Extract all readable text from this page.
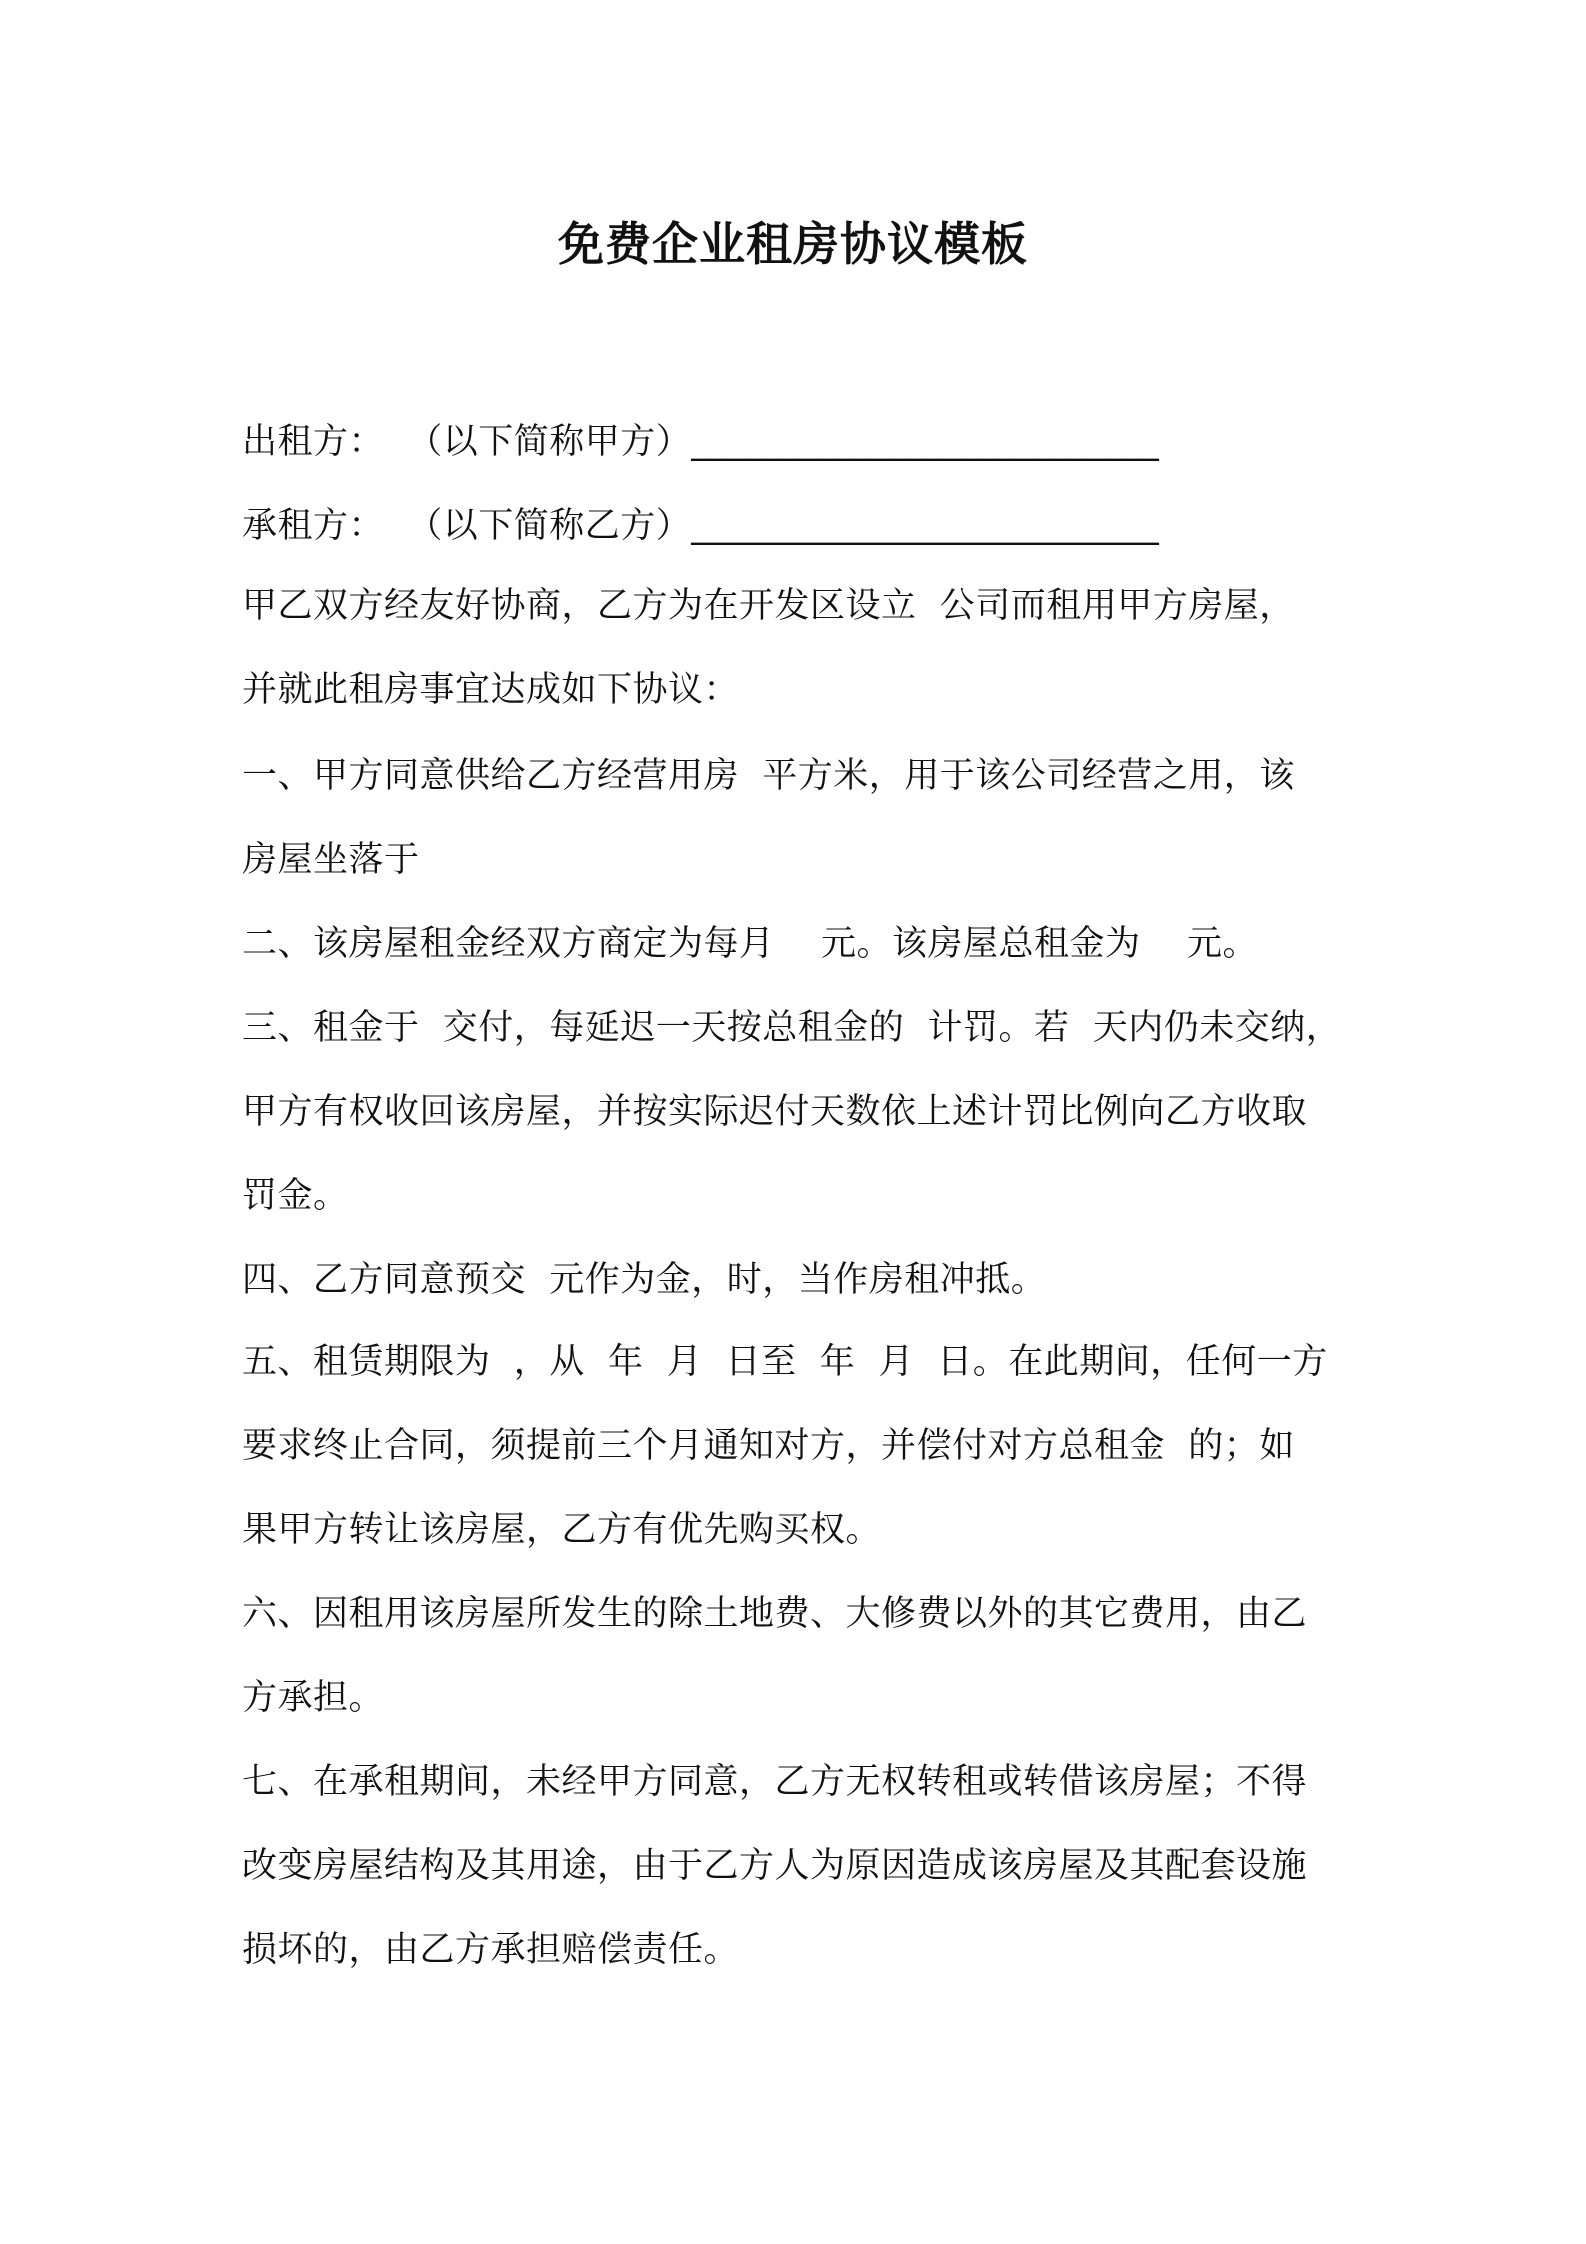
免费企业租房协议模板
出租方：  （以下简称甲方）__________________________
承租方：  （以下简称乙方）__________________________
甲乙双方经友好协商，乙方为在开发区设立  公司而租用甲方房屋，
并就此租房事宜达成如下协议：
一、甲方同意供给乙方经营用房  平方米，用于该公司经营之用，该
房屋坐落于
二、该房屋租金经双方商定为每月    元。该房屋总租金为    元。
三、租金于  交付，每延迟一天按总租金的  计罚。若  天内仍未交纳，
甲方有权收回该房屋，并按实际迟付天数依上述计罚比例向乙方收取
罚金。
四、乙方同意预交  元作为金，时，当作房租冲抵。
五、租赁期限为  ，从  年  月  日至  年  月  日。在此期间，任何一方
要求终止合同，须提前三个月通知对方，并偿付对方总租金  的；如
果甲方转让该房屋，乙方有优先购买权。
六、因租用该房屋所发生的除土地费、大修费以外的其它费用，由乙
方承担。
七、在承租期间，未经甲方同意，乙方无权转租或转借该房屋；不得
改变房屋结构及其用途，由于乙方人为原因造成该房屋及其配套设施
损坏的，由乙方承担赔偿责任。
